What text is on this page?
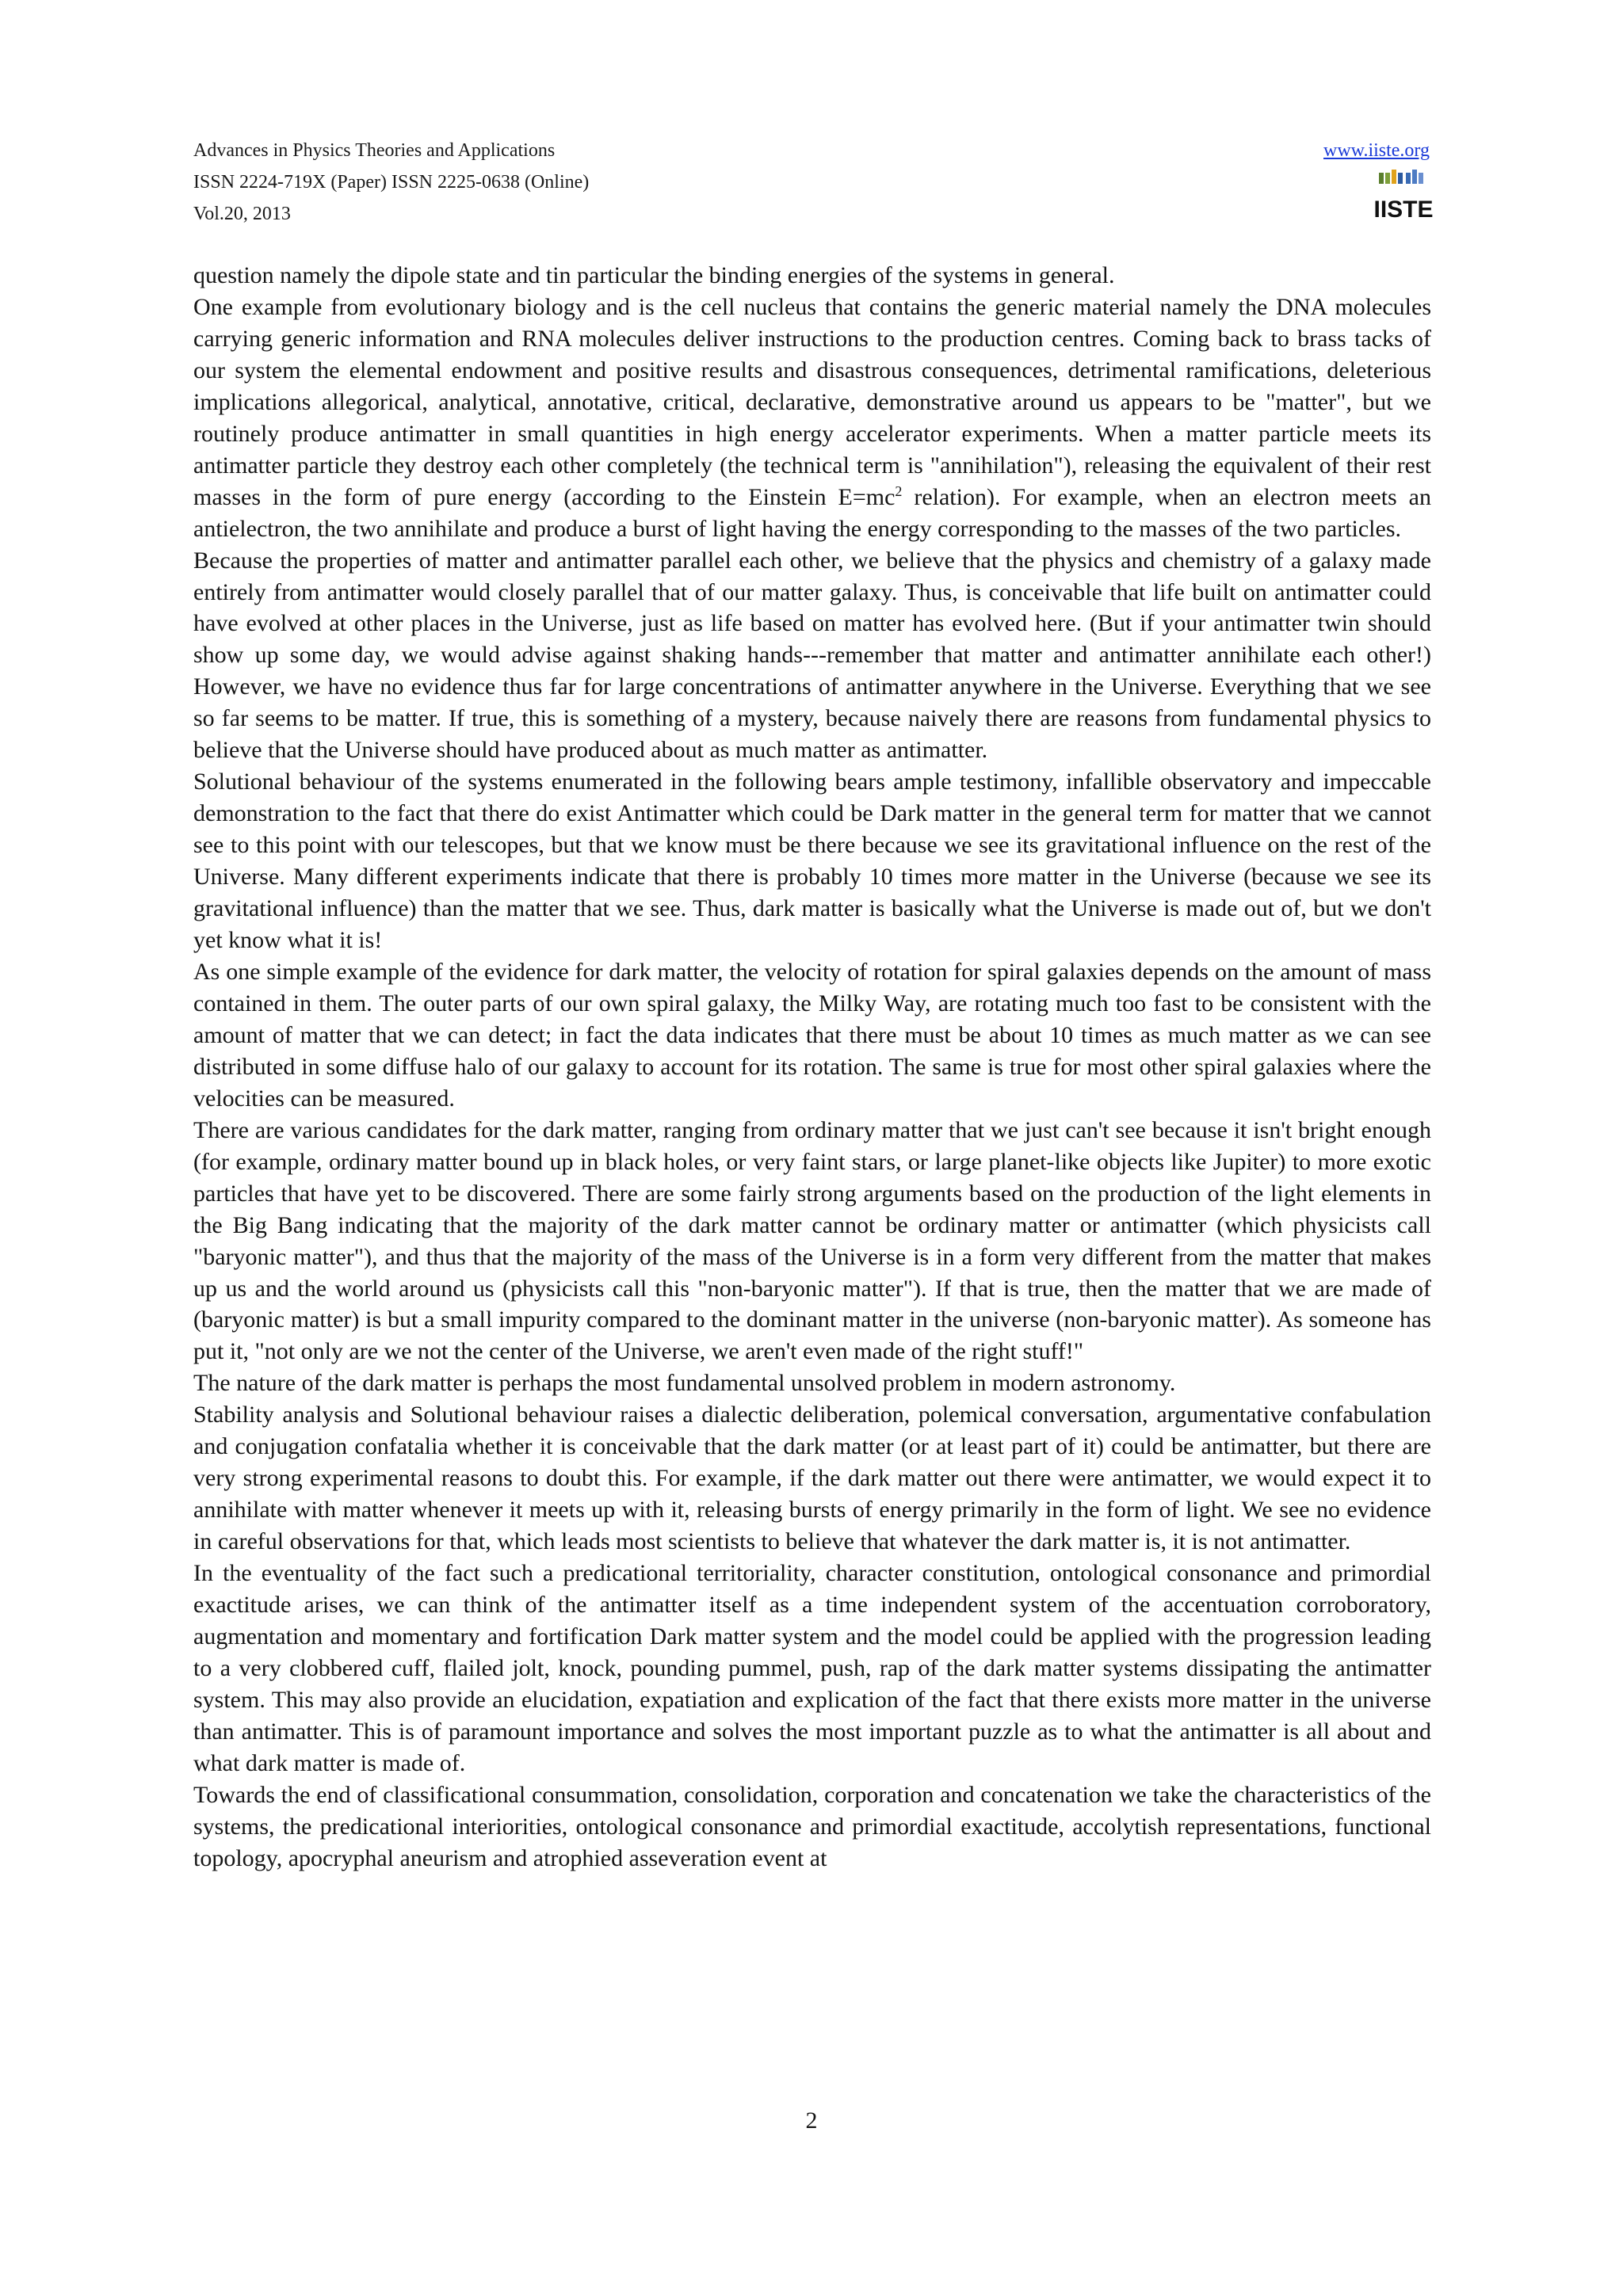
Advances in Physics Theories and Applications
ISSN 2224-719X (Paper) ISSN 2225-0638 (Online)
Vol.20, 2013
www.iiste.org
IISTE

question namely the dipole state and tin particular the binding energies of the systems in general.

One example from evolutionary biology and is the cell nucleus that contains the generic material namely the DNA molecules carrying generic information and RNA molecules deliver instructions to the production centres. Coming back to brass tacks of our system the elemental endowment and positive results and disastrous consequences, detrimental ramifications, deleterious implications allegorical, analytical, annotative, critical, declarative, demonstrative around us appears to be "matter", but we routinely produce antimatter in small quantities in high energy accelerator experiments. When a matter particle meets its antimatter particle they destroy each other completely (the technical term is "annihilation"), releasing the equivalent of their rest masses in the form of pure energy (according to the Einstein $E=mc^2$ relation). For example, when an electron meets an antielectron, the two annihilate and produce a burst of light having the energy corresponding to the masses of the two particles.

Because the properties of matter and antimatter parallel each other, we believe that the physics and chemistry of a galaxy made entirely from antimatter would closely parallel that of our matter galaxy. Thus, is conceivable that life built on antimatter could have evolved at other places in the Universe, just as life based on matter has evolved here. (But if your antimatter twin should show up some day, we would advise against shaking hands---remember that matter and antimatter annihilate each other!) However, we have no evidence thus far for large concentrations of antimatter anywhere in the Universe. Everything that we see so far seems to be matter. If true, this is something of a mystery, because naively there are reasons from fundamental physics to believe that the Universe should have produced about as much matter as antimatter.

Solutional behaviour of the systems enumerated in the following bears ample testimony, infallible observatory and impeccable demonstration to the fact that there do exist Antimatter which could be Dark matter in the general term for matter that we cannot see to this point with our telescopes, but that we know must be there because we see its gravitational influence on the rest of the Universe. Many different experiments indicate that there is probably 10 times more matter in the Universe (because we see its gravitational influence) than the matter that we see. Thus, dark matter is basically what the Universe is made out of, but we don't yet know what it is!

As one simple example of the evidence for dark matter, the velocity of rotation for spiral galaxies depends on the amount of mass contained in them. The outer parts of our own spiral galaxy, the Milky Way, are rotating much too fast to be consistent with the amount of matter that we can detect; in fact the data indicates that there must be about 10 times as much matter as we can see distributed in some diffuse halo of our galaxy to account for its rotation. The same is true for most other spiral galaxies where the velocities can be measured.

There are various candidates for the dark matter, ranging from ordinary matter that we just can't see because it isn't bright enough (for example, ordinary matter bound up in black holes, or very faint stars, or large planet-like objects like Jupiter) to more exotic particles that have yet to be discovered. There are some fairly strong arguments based on the production of the light elements in the Big Bang indicating that the majority of the dark matter cannot be ordinary matter or antimatter (which physicists call "baryonic matter"), and thus that the majority of the mass of the Universe is in a form very different from the matter that makes up us and the world around us (physicists call this "non-baryonic matter"). If that is true, then the matter that we are made of (baryonic matter) is but a small impurity compared to the dominant matter in the universe (non-baryonic matter). As someone has put it, "not only are we not the center of the Universe, we aren't even made of the right stuff!"

The nature of the dark matter is perhaps the most fundamental unsolved problem in modern astronomy.

Stability analysis and Solutional behaviour raises a dialectic deliberation, polemical conversation, argumentative confabulation and conjugation confatalia whether it is conceivable that the dark matter (or at least part of it) could be antimatter, but there are very strong experimental reasons to doubt this. For example, if the dark matter out there were antimatter, we would expect it to annihilate with matter whenever it meets up with it, releasing bursts of energy primarily in the form of light. We see no evidence in careful observations for that, which leads most scientists to believe that whatever the dark matter is, it is not antimatter.

In the eventuality of the fact such a predicational territoriality, character constitution, ontological consonance and primordial exactitude arises, we can think of the antimatter itself as a time independent system of the accentuation corroboratory, augmentation and momentary and fortification Dark matter system and the model could be applied with the progression leading to a very clobbered cuff, flailed jolt, knock, pounding pummel, push, rap of the dark matter systems dissipating the antimatter system. This may also provide an elucidation, expatiation and explication of the fact that there exists more matter in the universe than antimatter. This is of paramount importance and solves the most important puzzle as to what the antimatter is all about and what dark matter is made of.

Towards the end of classificational consummation, consolidation, corporation and concatenation we take the characteristics of the systems, the predicational interiorities, ontological consonance and primordial exactitude, accolytish representations, functional topology, apocryphal aneurism and atrophied asseveration event at

2
